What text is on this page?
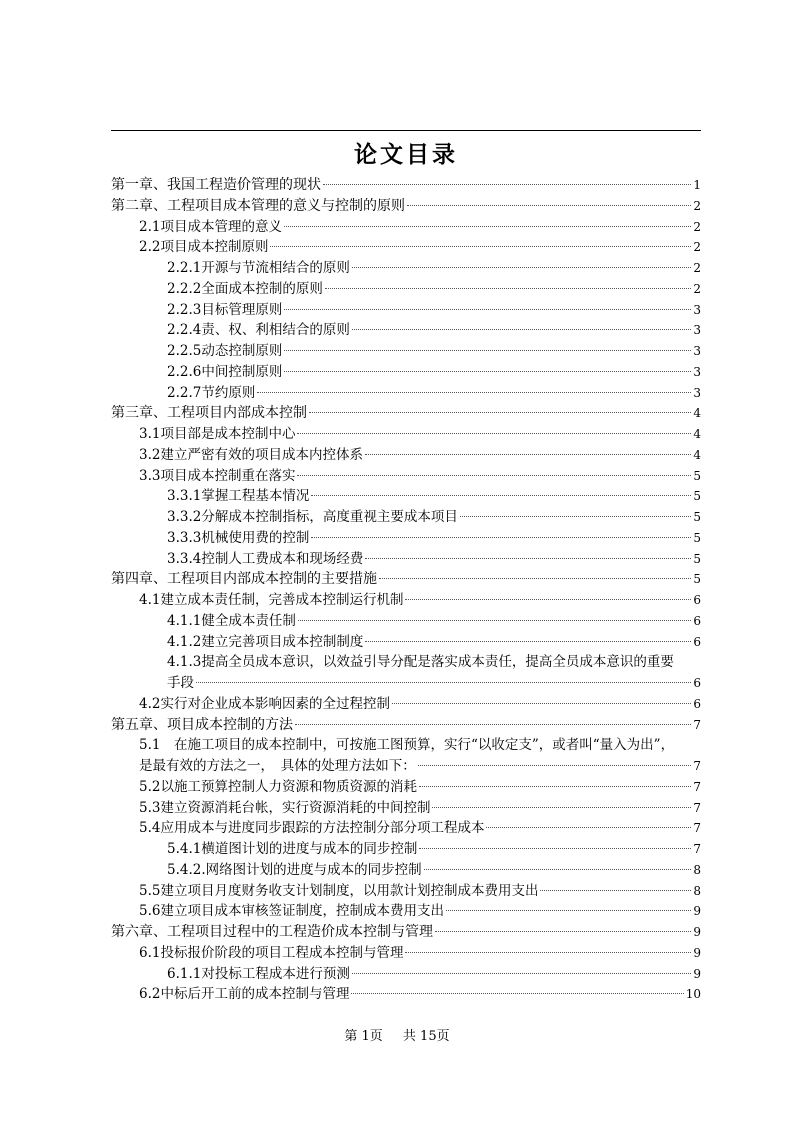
论文目录
第一章、我国工程造价管理的现状	1
第二章、工程项目成本管理的意义与控制的原则	2
2.1项目成本管理的意义	2
2.2项目成本控制原则	2
2.2.1开源与节流相结合的原则	2
2.2.2全面成本控制的原则	2
2.2.3目标管理原则	3
2.2.4责、权、利相结合的原则	3
2.2.5动态控制原则	3
2.2.6中间控制原则	3
2.2.7节约原则	3
第三章、工程项目内部成本控制	4
3.1项目部是成本控制中心	4
3.2建立严密有效的项目成本内控体系	4
3.3项目成本控制重在落实	5
3.3.1掌握工程基本情况	5
3.3.2分解成本控制指标，高度重视主要成本项目	5
3.3.3机械使用费的控制	5
3.3.4控制人工费成本和现场经费	5
第四章、工程项目内部成本控制的主要措施	5
4.1建立成本责任制，完善成本控制运行机制	6
4.1.1健全成本责任制	6
4.1.2建立完善项目成本控制制度	6
4.1.3提高全员成本意识，以效益引导分配是落实成本责任，提高全员成本意识的重要
手段	6
4.2实行对企业成本影响因素的全过程控制	6
第五章、项目成本控制的方法	7
5.1　在施工项目的成本控制中，可按施工图预算，实行“以收定支”，或者叫“量入为出”，
是最有效的方法之一，　具体的处理方法如下：	7
5.2以施工预算控制人力资源和物质资源的消耗	7
5.3建立资源消耗台帐，实行资源消耗的中间控制	7
5.4应用成本与进度同步跟踪的方法控制分部分项工程成本	7
5.4.1横道图计划的进度与成本的同步控制	7
5.4.2.网络图计划的进度与成本的同步控制	8
5.5建立项目月度财务收支计划制度，以用款计划控制成本费用支出	8
5.6建立项目成本审核签证制度，控制成本费用支出	9
第六章、工程项目过程中的工程造价成本控制与管理	9
6.1投标报价阶段的项目工程成本控制与管理	9
6.1.1对投标工程成本进行预测	9
6.2中标后开工前的成本控制与管理	10
第 1页 共 15页
